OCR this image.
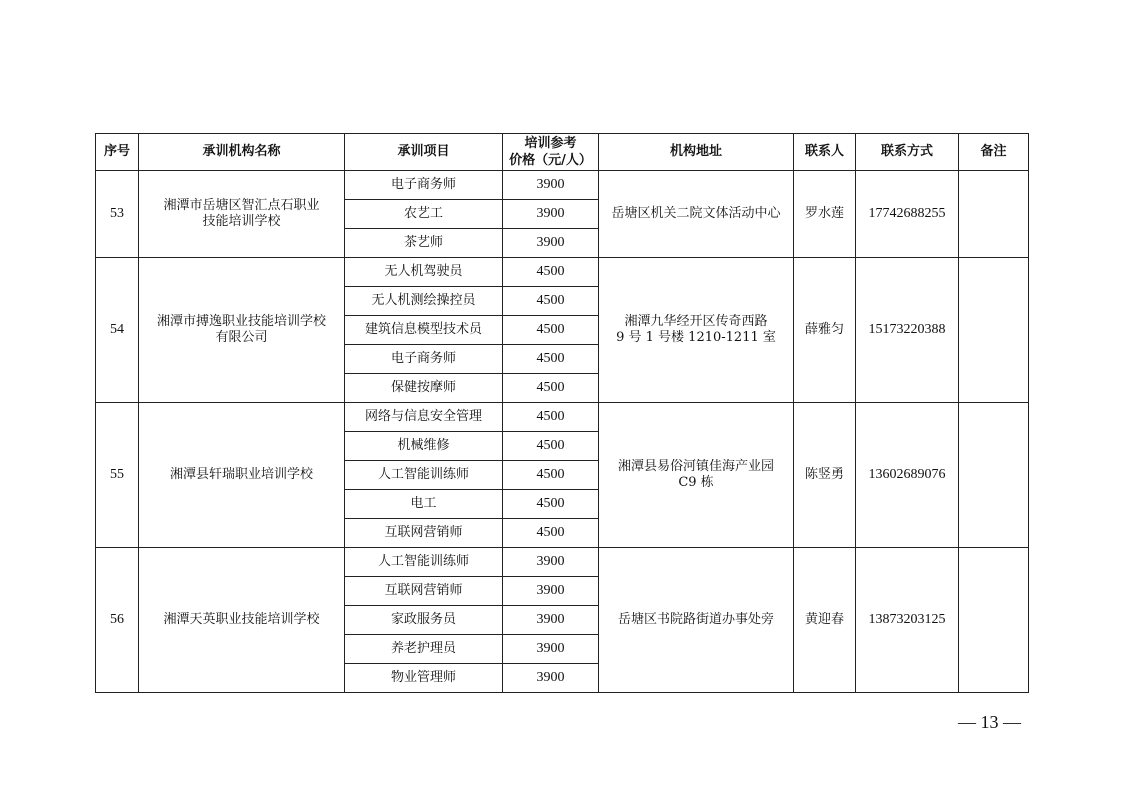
序号	承训机构名称	承训项目	培训参考
价格（元/人）	机构地址	联系人	联系方式	备注
53	湘潭市岳塘区智汇点石职业
技能培训学校	电子商务师	3900	岳塘区机关二院文体活动中心	罗水莲	17742688255	
		农艺工	3900				
		茶艺师	3900				
54	湘潭市搏逸职业技能培训学校
有限公司	无人机驾驶员	4500	湘潭九华经开区传奇西路
9 号 1 号楼 1210-1211 室	薛雅匀	15173220388	
		无人机测绘操控员	4500				
		建筑信息模型技术员	4500				
		电子商务师	4500				
		保健按摩师	4500				
55	湘潭县轩瑞职业培训学校	网络与信息安全管理	4500	湘潭县易俗河镇佳海产业园
C9 栋	陈竖勇	13602689076	
		机械维修	4500				
		人工智能训练师	4500				
		电工	4500				
		互联网营销师	4500				
56	湘潭天英职业技能培训学校	人工智能训练师	3900	岳塘区书院路街道办事处旁	黄迎春	13873203125	
		互联网营销师	3900				
		家政服务员	3900				
		养老护理员	3900				
		物业管理师	3900				
— 13 —
